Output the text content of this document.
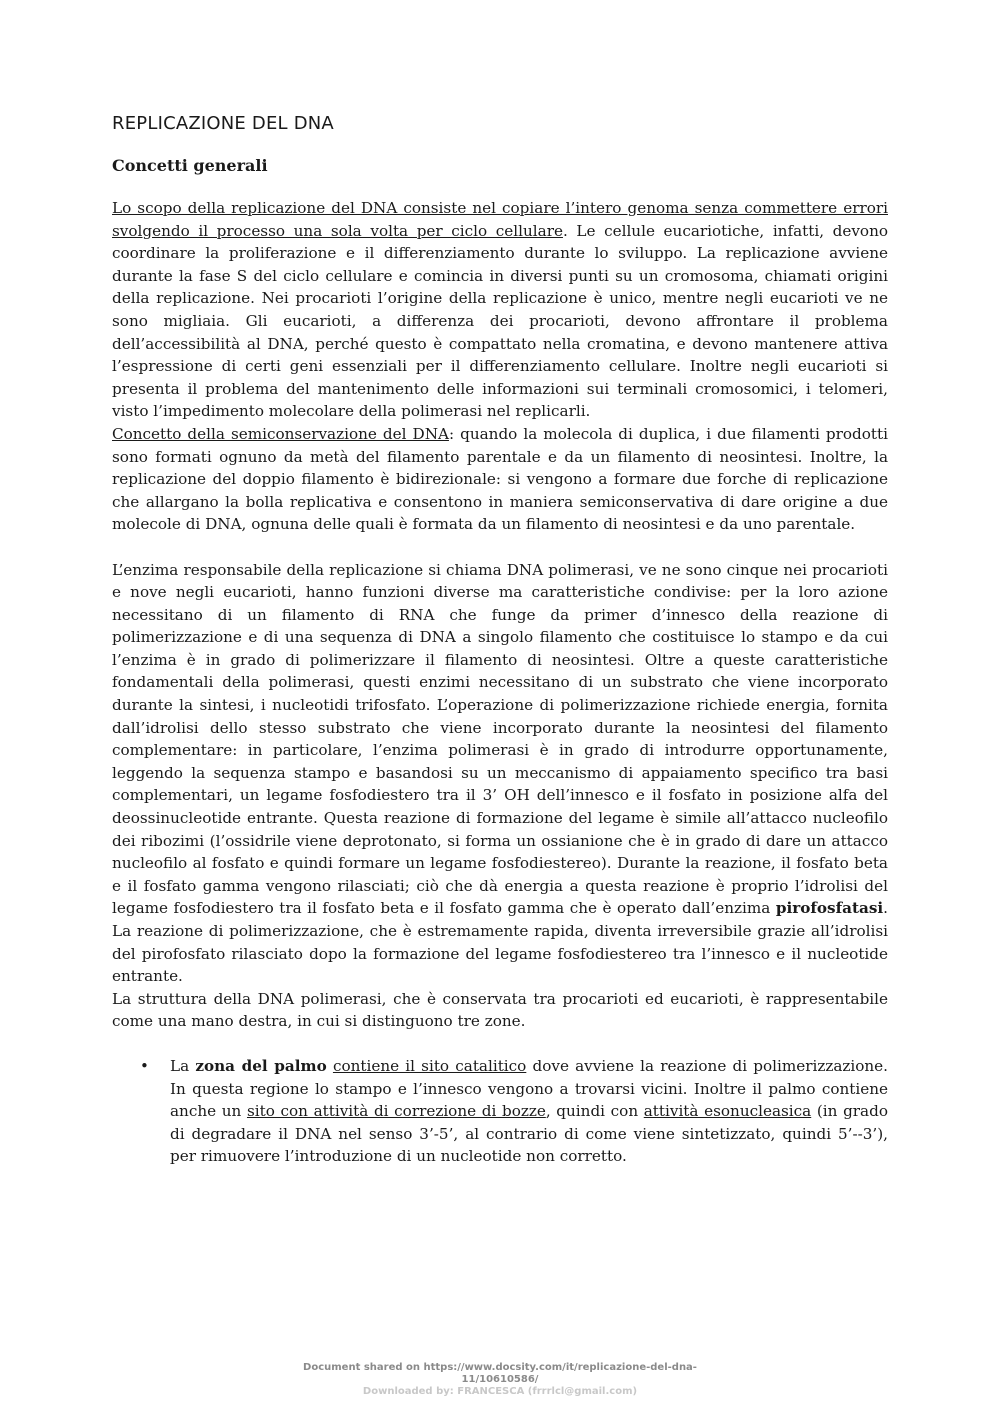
REPLICAZIONE DEL DNA
Concetti generali

Lo scopo della replicazione del DNA consiste nel copiare l’intero genoma senza commettere errori svolgendo il processo una sola volta per ciclo cellulare. Le cellule eucariotiche, infatti, devono coordinare la proliferazione e il differenziamento durante lo sviluppo. La replicazione avviene durante la fase S del ciclo cellulare e comincia in diversi punti su un cromosoma, chiamati origini della replicazione. Nei procarioti l’origine della replicazione è unico, mentre negli eucarioti ve ne sono migliaia. Gli eucarioti, a differenza dei procarioti, devono affrontare il problema dell’accessibilità al DNA, perché questo è compattato nella cromatina, e devono mantenere attiva l’espressione di certi geni essenziali per il differenziamento cellulare. Inoltre negli eucarioti si presenta il problema del mantenimento delle informazioni sui terminali cromosomici, i telomeri, visto l’impedimento molecolare della polimerasi nel replicarli.

Concetto della semiconservazione del DNA: quando la molecola di duplica, i due filamenti prodotti sono formati ognuno da metà del filamento parentale e da un filamento di neosintesi. Inoltre, la replicazione del doppio filamento è bidirezionale: si vengono a formare due forche di replicazione che allargano la bolla replicativa e consentono in maniera semiconservativa di dare origine a due molecole di DNA, ognuna delle quali è formata da un filamento di neosintesi e da uno parentale.

L’enzima responsabile della replicazione si chiama DNA polimerasi, ve ne sono cinque nei procarioti e nove negli eucarioti, hanno funzioni diverse ma caratteristiche condivise: per la loro azione necessitano di un filamento di RNA che funge da primer d’innesco della reazione di polimerizzazione e di una sequenza di DNA a singolo filamento che costituisce lo stampo e da cui l’enzima è in grado di polimerizzare il filamento di neosintesi. Oltre a queste caratteristiche fondamentali della polimerasi, questi enzimi necessitano di un substrato che viene incorporato durante la sintesi, i nucleotidi trifosfato. L’operazione di polimerizzazione richiede energia, fornita dall’idrolisi dello stesso substrato che viene incorporato durante la neosintesi del filamento complementare: in particolare, l’enzima polimerasi è in grado di introdurre opportunamente, leggendo la sequenza stampo e basandosi su un meccanismo di appaiamento specifico tra basi complementari, un legame fosfodiestero tra il 3’ OH dell’innesco e il fosfato in posizione alfa del deossinucleotide entrante. Questa reazione di formazione del legame è simile all’attacco nucleofilo dei ribozimi (l’ossidrile viene deprotonato, si forma un ossianione che è in grado di dare un attacco nucleofilo al fosfato e quindi formare un legame fosfodiestereo). Durante la reazione, il fosfato beta e il fosfato gamma vengono rilasciati; ciò che dà energia a questa reazione è proprio l’idrolisi del legame fosfodiestero tra il fosfato beta e il fosfato gamma che è operato dall’enzima pirofosfatasi. La reazione di polimerizzazione, che è estremamente rapida, diventa irreversibile grazie all’idrolisi del pirofosfato rilasciato dopo la formazione del legame fosfodiestereo tra l’innesco e il nucleotide entrante.

La struttura della DNA polimerasi, che è conservata tra procarioti ed eucarioti, è rappresentabile come una mano destra, in cui si distinguono tre zone.

• La zona del palmo contiene il sito catalitico dove avviene la reazione di polimerizzazione. In questa regione lo stampo e l’innesco vengono a trovarsi vicini. Inoltre il palmo contiene anche un sito con attività di correzione di bozze, quindi con attività esonucleasica (in grado di degradare il DNA nel senso 3’-5’, al contrario di come viene sintetizzato, quindi 5’--3’), per rimuovere l’introduzione di un nucleotide non corretto.

Document shared on https://www.docsity.com/it/replicazione-del-dna-
11/10610586/
Downloaded by: FRANCESCA (frrrlcl@gmail.com)
